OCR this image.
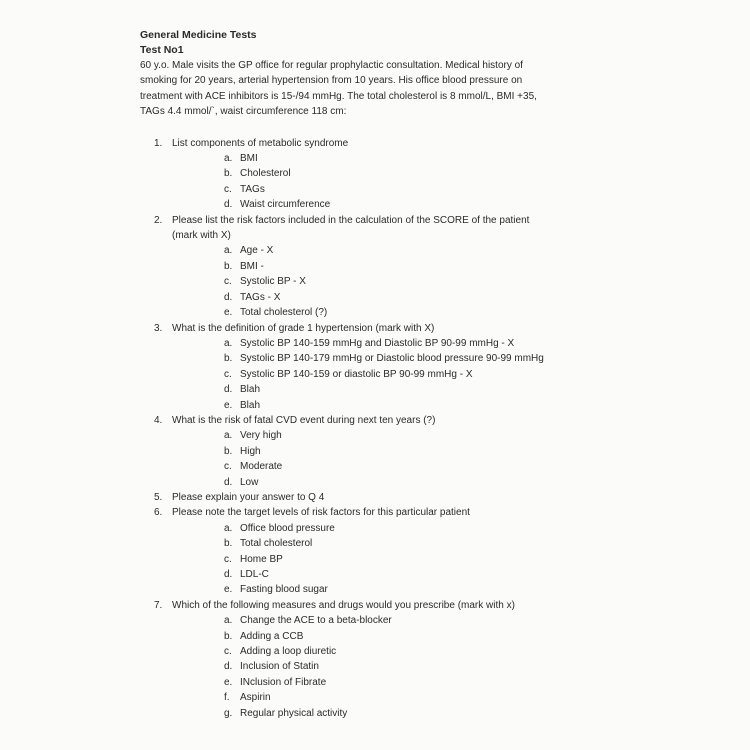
General Medicine Tests
Test No1

60 y.o. Male visits the GP office for regular prophylactic consultation. Medical history of

smoking for 20 years, arterial hypertension from 10 years. His office blood pressure on

treatment with ACE inhibitors is 15-/94 mmHg. The total cholesterol is 8 mmol/L, BMI +35,

TAGs 4.4 mmol/`, waist circumference 118 cm:

1. List components of metabolic syndrome
a. BMI
b. Cholesterol
c. TAGs
d. Waist circumference
2. Please list the risk factors included in the calculation of the SCORE of the patient
(mark with X)
a. Age - X
b. BMI -
c. Systolic BP - X
d. TAGs - X
e. Total cholesterol (?)
3. What is the definition of grade 1 hypertension (mark with X)
a. Systolic BP 140-159 mmHg and Diastolic BP 90-99 mmHg - X
b. Systolic BP 140-179 mmHg or Diastolic blood pressure 90-99 mmHg
c. Systolic BP 140-159 or diastolic BP 90-99 mmHg - X
d. Blah
e. Blah
4. What is the risk of fatal CVD event during next ten years (?)
a. Very high
b. High
c. Moderate
d. Low
5. Please explain your answer to Q 4
6. Please note the target levels of risk factors for this particular patient
a. Office blood pressure
b. Total cholesterol
c. Home BP
d. LDL-C
e. Fasting blood sugar
7. Which of the following measures and drugs would you prescribe (mark with x)
a. Change the ACE to a beta-blocker
b. Adding a CCB
c. Adding a loop diuretic
d. Inclusion of Statin
e. INclusion of Fibrate
f. Aspirin
g. Regular physical activity
